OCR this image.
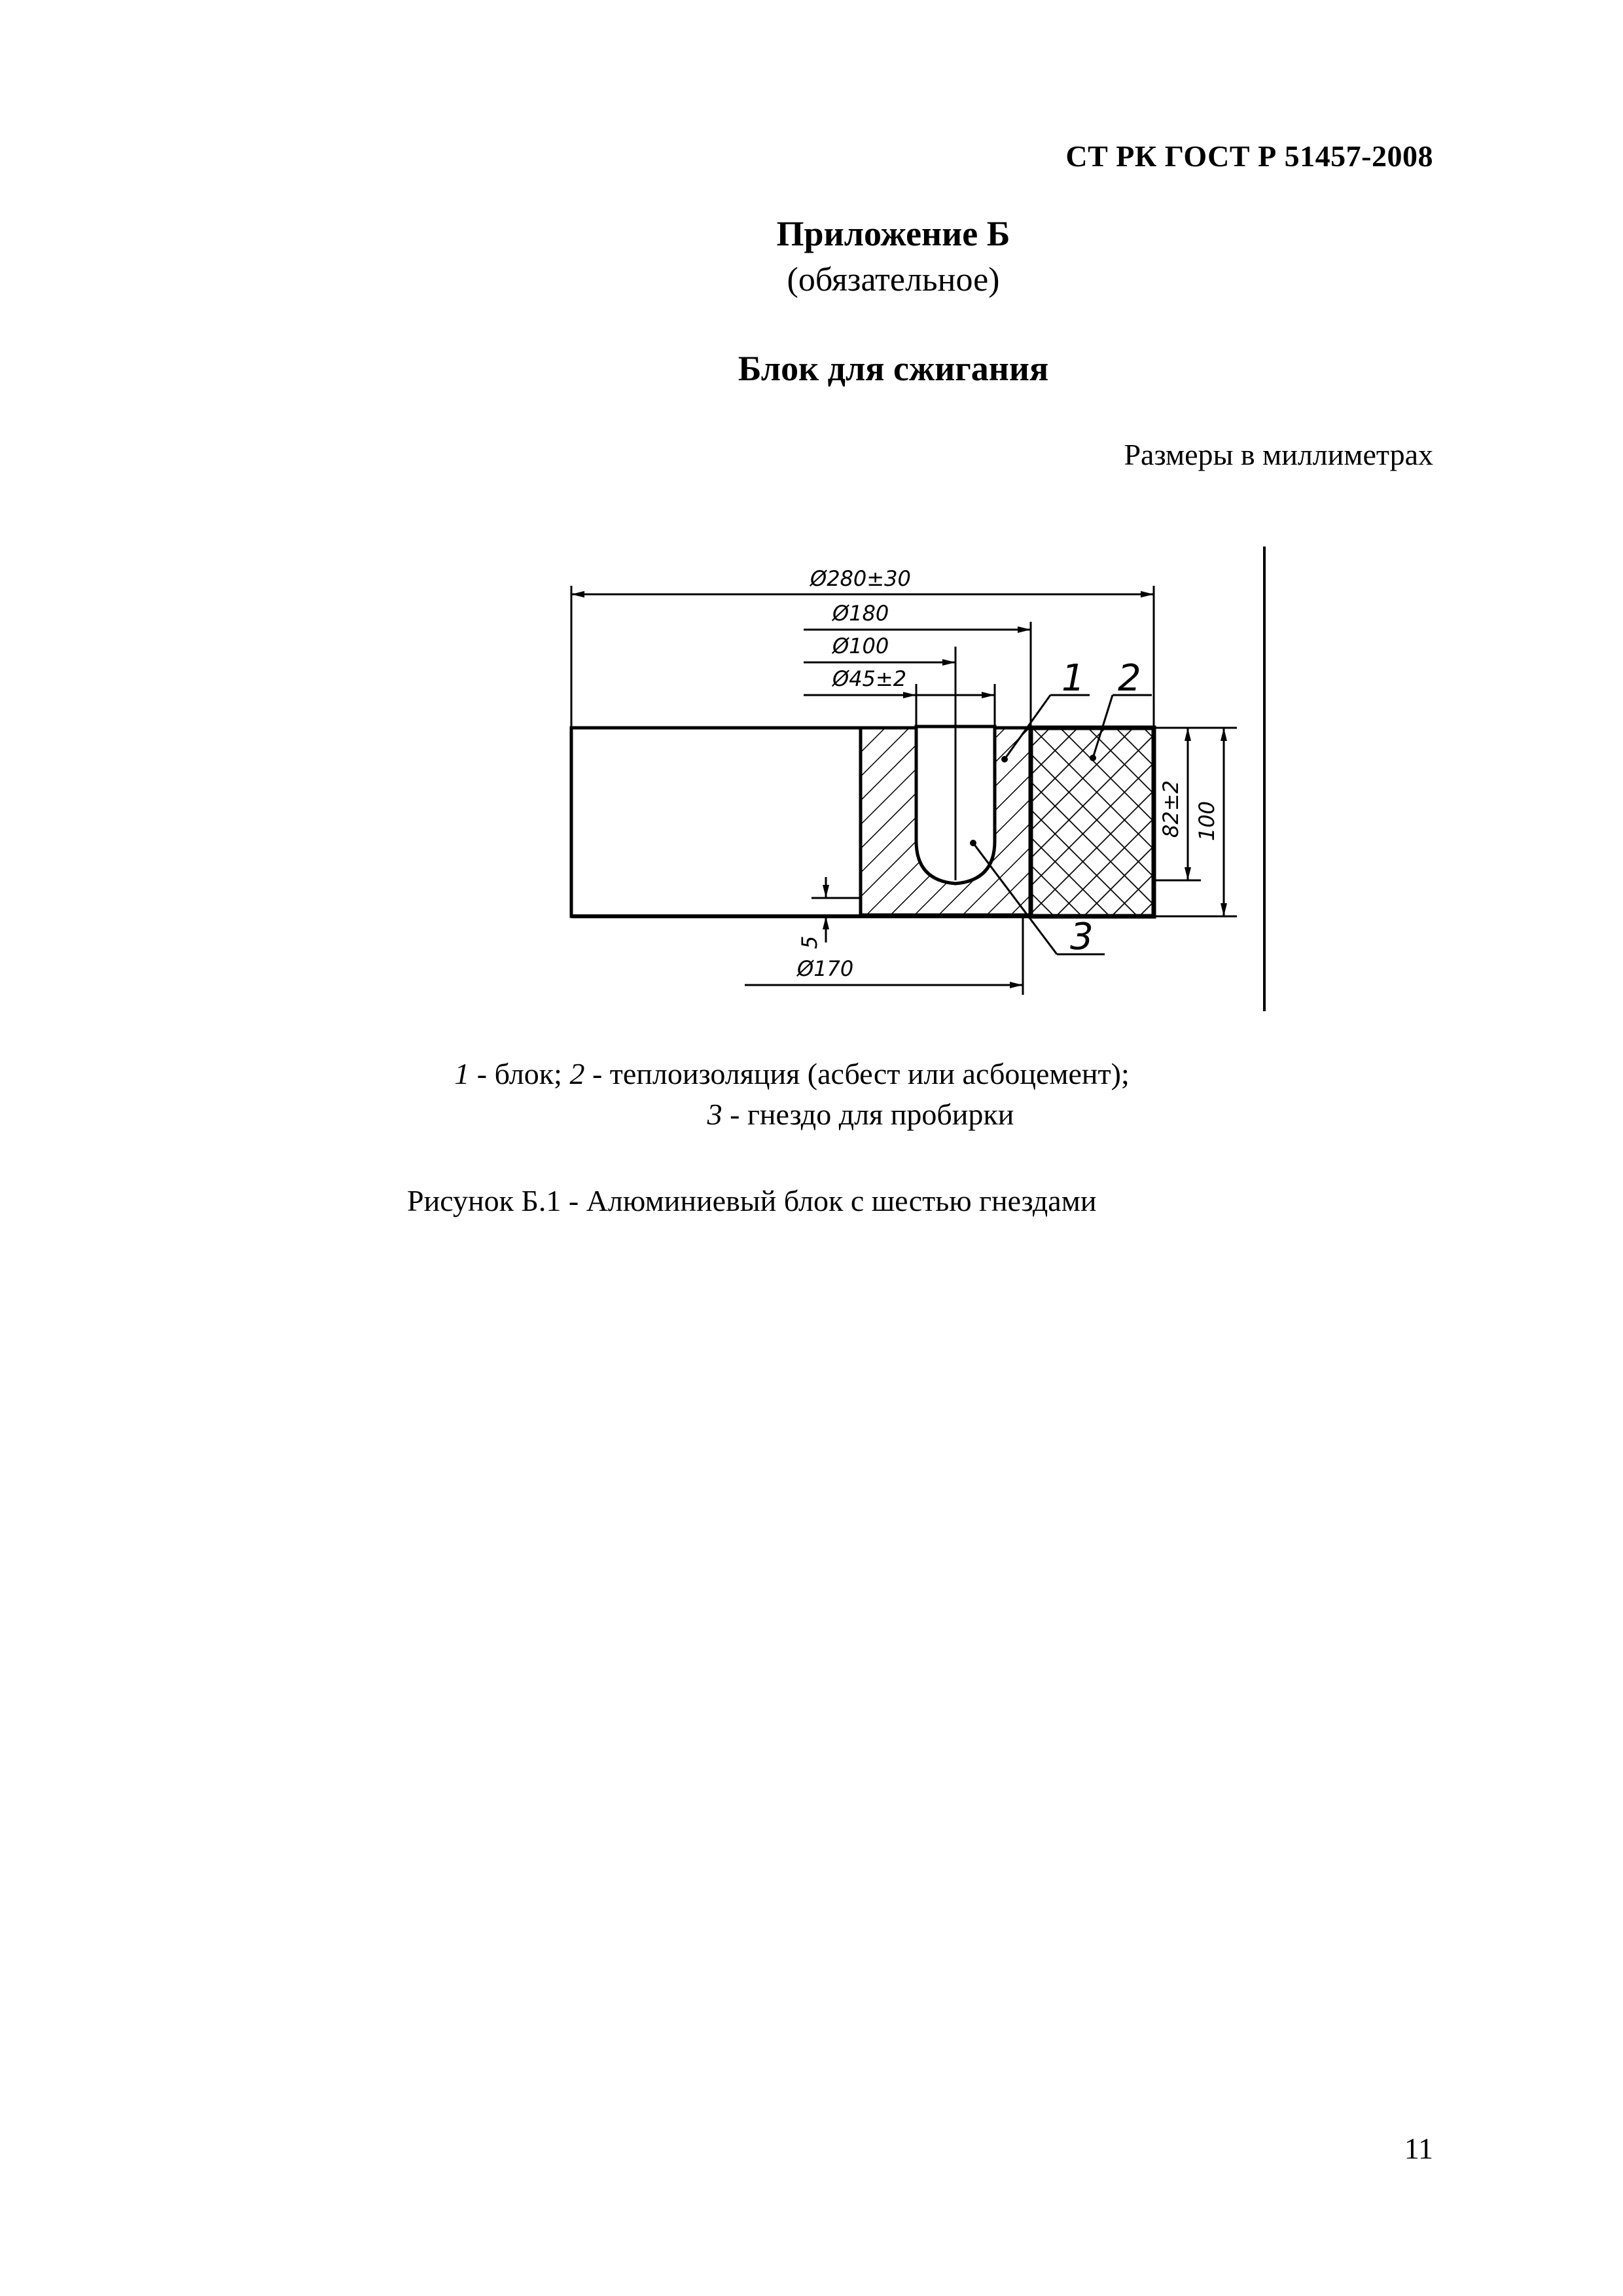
СТ РК ГОСТ Р 51457-2008
Приложение Б
(обязательное)
Блок для сжигания
Размеры в миллиметрах
Ø280±30
Ø180
Ø100
Ø45±2
Ø170
82±2 100
5
1 2
3
1 - блок; 2 - теплоизоляция (асбест или асбоцемент);
3 - гнездо для пробирки
Рисунок Б.1 - Алюминиевый блок с шестью гнездами
11
